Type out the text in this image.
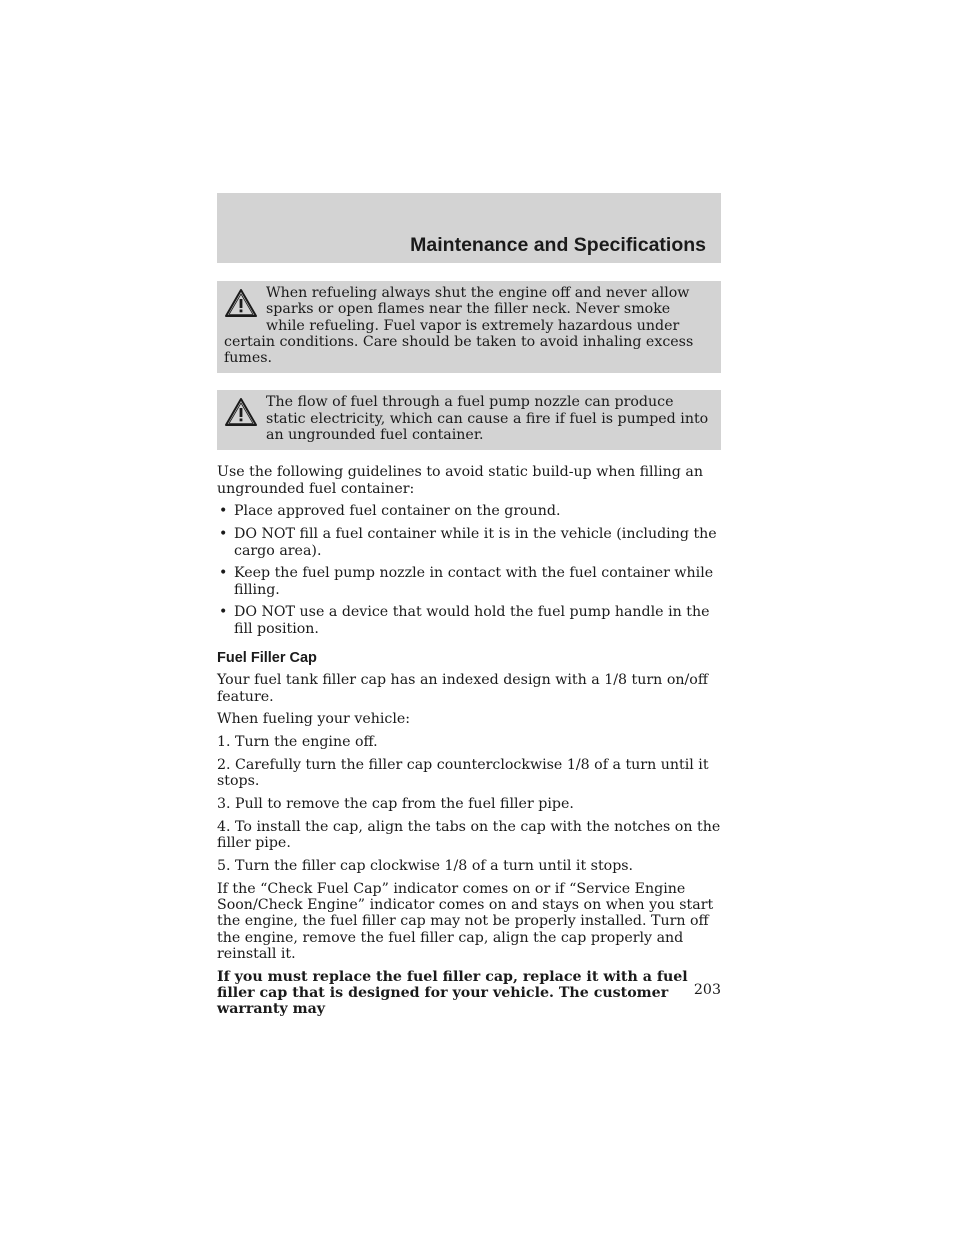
Maintenance and Specifications

When refueling always shut the engine off and never allow sparks or open flames near the filler neck. Never smoke while refueling. Fuel vapor is extremely hazardous under certain conditions. Care should be taken to avoid inhaling excess fumes.

The flow of fuel through a fuel pump nozzle can produce static electricity, which can cause a fire if fuel is pumped into an ungrounded fuel container.

Use the following guidelines to avoid static build-up when filling an ungrounded fuel container:

• Place approved fuel container on the ground.
• DO NOT fill a fuel container while it is in the vehicle (including the cargo area).
• Keep the fuel pump nozzle in contact with the fuel container while filling.
• DO NOT use a device that would hold the fuel pump handle in the fill position.
Fuel Filler Cap

Your fuel tank filler cap has an indexed design with a 1/8 turn on/off feature.

When fueling your vehicle:

1. Turn the engine off.

2. Carefully turn the filler cap counterclockwise 1/8 of a turn until it stops.

3. Pull to remove the cap from the fuel filler pipe.

4. To install the cap, align the tabs on the cap with the notches on the filler pipe.

5. Turn the filler cap clockwise 1/8 of a turn until it stops.

If the “Check Fuel Cap” indicator comes on or if “Service Engine Soon/Check Engine” indicator comes on and stays on when you start the engine, the fuel filler cap may not be properly installed. Turn off the engine, remove the fuel filler cap, align the cap properly and reinstall it.

If you must replace the fuel filler cap, replace it with a fuel filler cap that is designed for your vehicle. The customer warranty may

203
